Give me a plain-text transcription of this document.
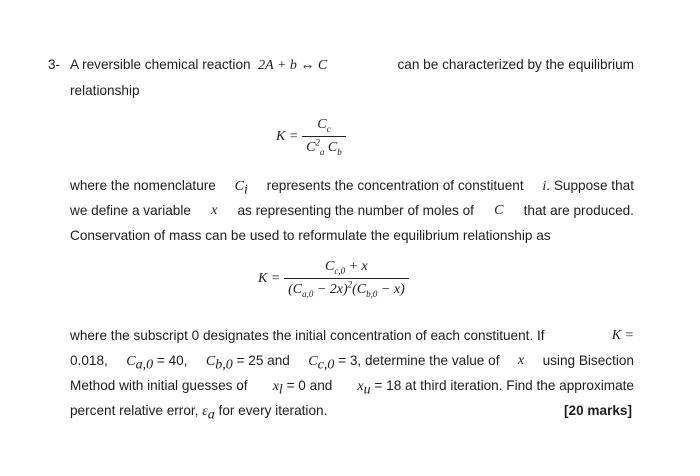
3- A reversible chemical reaction 2A + b ↔ C	can be characterized by the equilibrium
relationship
$K = \frac{C_c}{C^2_a C_b}$
where the nomenclature $C_i$ represents the concentration of constituent i. Suppose that
we define a variable x as representing the number of moles of C that are produced.
Conservation of mass can be used to reformulate the equilibrium relationship as
$K = \frac{C_{c,0} + x}{(C_{a,0} - 2x)^2(C_{b,0} - x)}$
where the subscript 0 designates the initial concentration of each constituent. If	K =
0.018, $C_{a,0} = 40$, $C_{b,0} = 25$ and $C_{c,0} = 3$, determine the value of x using Bisection
Method with initial guesses of $x_l = 0$ and $x_u = 18$ at third iteration. Find the approximate
percent relative error, $\varepsilon_a$ for every iteration.	[20 marks]
